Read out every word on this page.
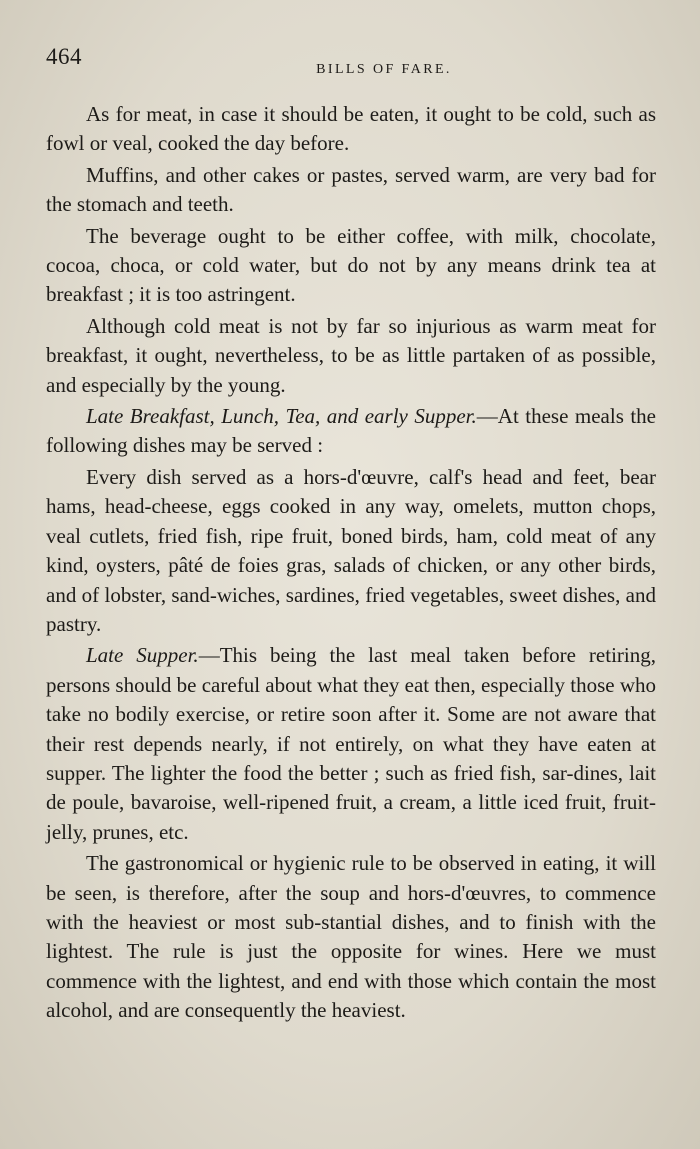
464
BILLS OF FARE.

As for meat, in case it should be eaten, it ought to be cold, such as fowl or veal, cooked the day before.

Muffins, and other cakes or pastes, served warm, are very bad for the stomach and teeth.

The beverage ought to be either coffee, with milk, chocolate, cocoa, choca, or cold water, but do not by any means drink tea at breakfast ; it is too astringent.

Although cold meat is not by far so injurious as warm meat for breakfast, it ought, nevertheless, to be as little partaken of as possible, and especially by the young.

Late Breakfast, Lunch, Tea, and early Supper.—At these meals the following dishes may be served :

Every dish served as a hors-d'œuvre, calf's head and feet, bear hams, head-cheese, eggs cooked in any way, omelets, mutton chops, veal cutlets, fried fish, ripe fruit, boned birds, ham, cold meat of any kind, oysters, pâté de foies gras, salads of chicken, or any other birds, and of lobster, sand-wiches, sardines, fried vegetables, sweet dishes, and pastry.

Late Supper.—This being the last meal taken before retiring, persons should be careful about what they eat then, especially those who take no bodily exercise, or retire soon after it. Some are not aware that their rest depends nearly, if not entirely, on what they have eaten at supper. The lighter the food the better ; such as fried fish, sar-dines, lait de poule, bavaroise, well-ripened fruit, a cream, a little iced fruit, fruit-jelly, prunes, etc.

The gastronomical or hygienic rule to be observed in eating, it will be seen, is therefore, after the soup and hors-d'œuvres, to commence with the heaviest or most sub-stantial dishes, and to finish with the lightest. The rule is just the opposite for wines. Here we must commence with the lightest, and end with those which contain the most alcohol, and are consequently the heaviest.
